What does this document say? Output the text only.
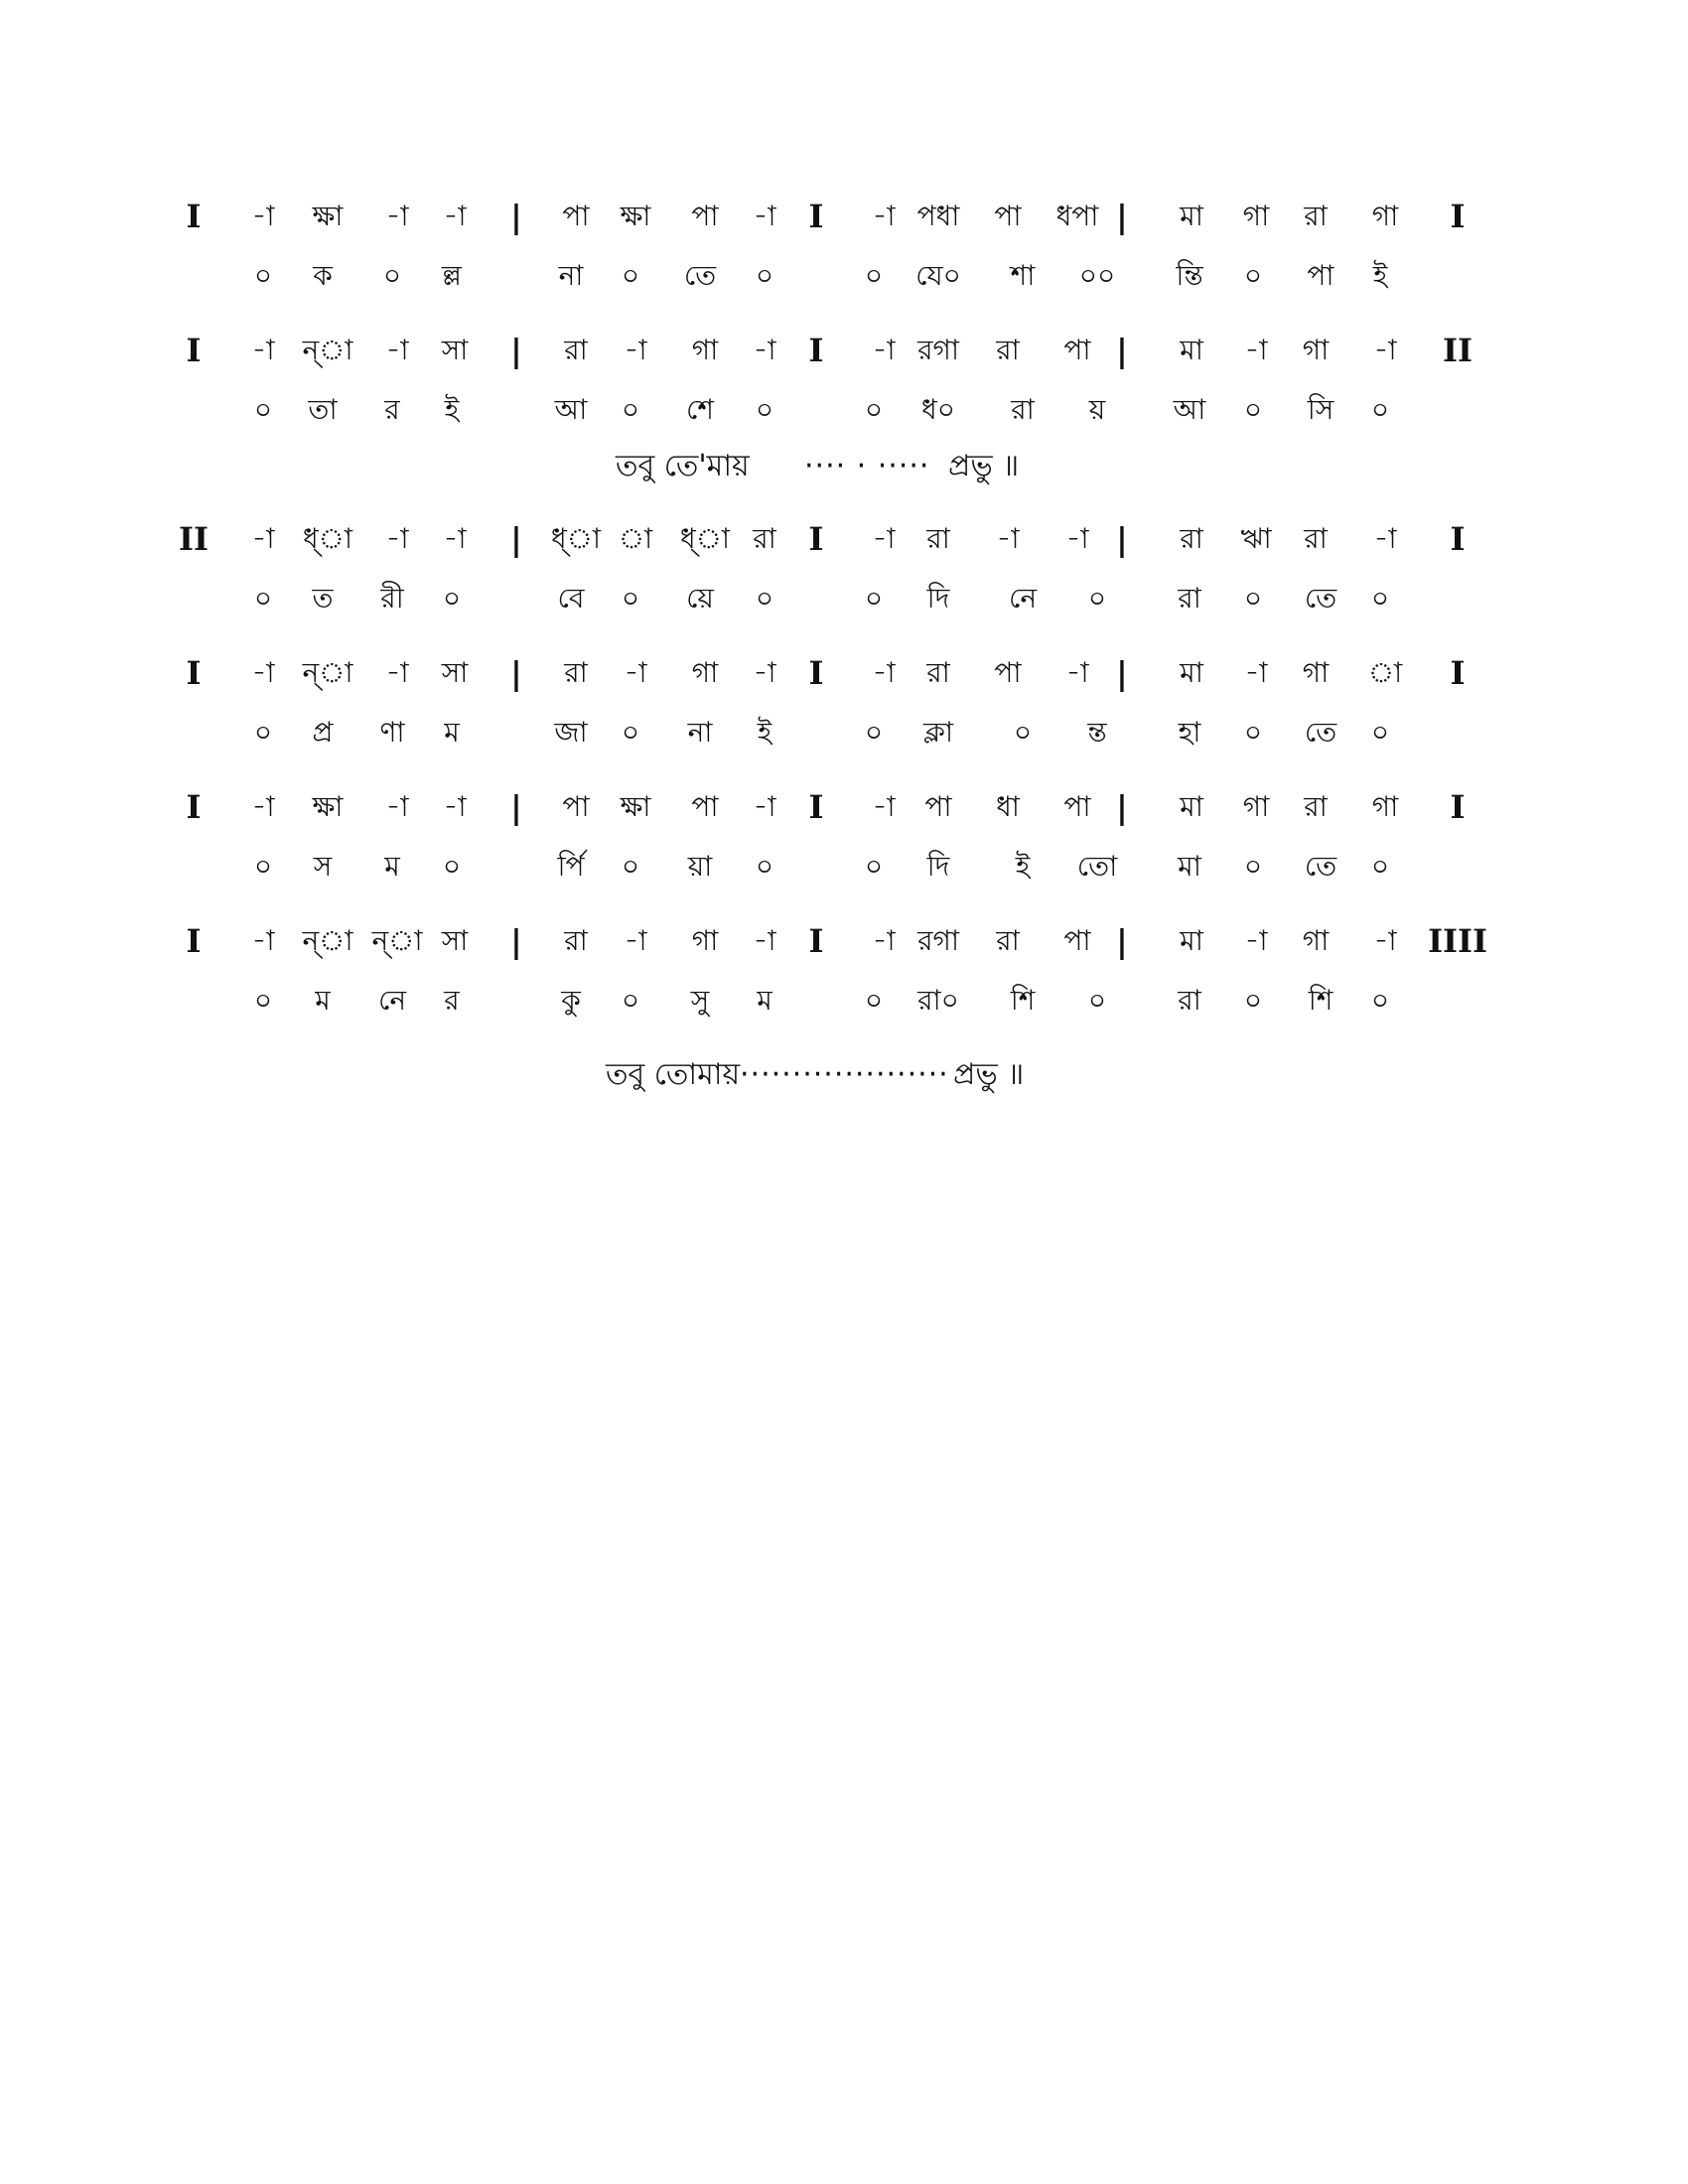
I -া ক্ষা -া -া | পা ক্ষা পা -া I -া পধা পা ধপা | মা গা রা গা I
০ ক ০ ল্ল	না ০ তে ০	০ যে০ শা ০০ ন্তি ০ পা ই
I -া ন্‌া -া সা | রা -া গা -া I -া রগা রা পা | মা -া গা -া II
০ তা র ই	আ ০ শে ০	০ ধ০ রা য় আ ০ সি ০
II -া ধ্‌া -া -া | ধ্‌া া ধ্‌া রা I -া রা -া -া | রা ঋা রা -া I
০ ত রী ০	বে ০ য়ে ০	০ দি নে ০	রা ০ তে ০
I -া ন্‌া -া সা | রা -া গা -া I -া রা পা -া | মা -া গা া I
০ প্র ণা ম	জা ০ না ই	০ ক্লা ০ ন্ত	হা ০ তে ০
I -া ক্ষা -া -া | পা ক্ষা পা -া I -া পা ধা পা | মা গা রা গা I
০ স ম ০	র্পি ০ য়া ০	০ দি ই তো মা ০ তে ০
I -া ন্‌া ন্‌া সা | রা -া গা -া I -া রগা রা পা | মা -া গা -া IIII
০ ম নে র	কু ০ সু ম	০ রা০ শি ০	রা ০ শি ০
তবু তে'মায় ···· · ····· প্রভু ॥
তবু তোমায় ···················· প্রভু ॥
